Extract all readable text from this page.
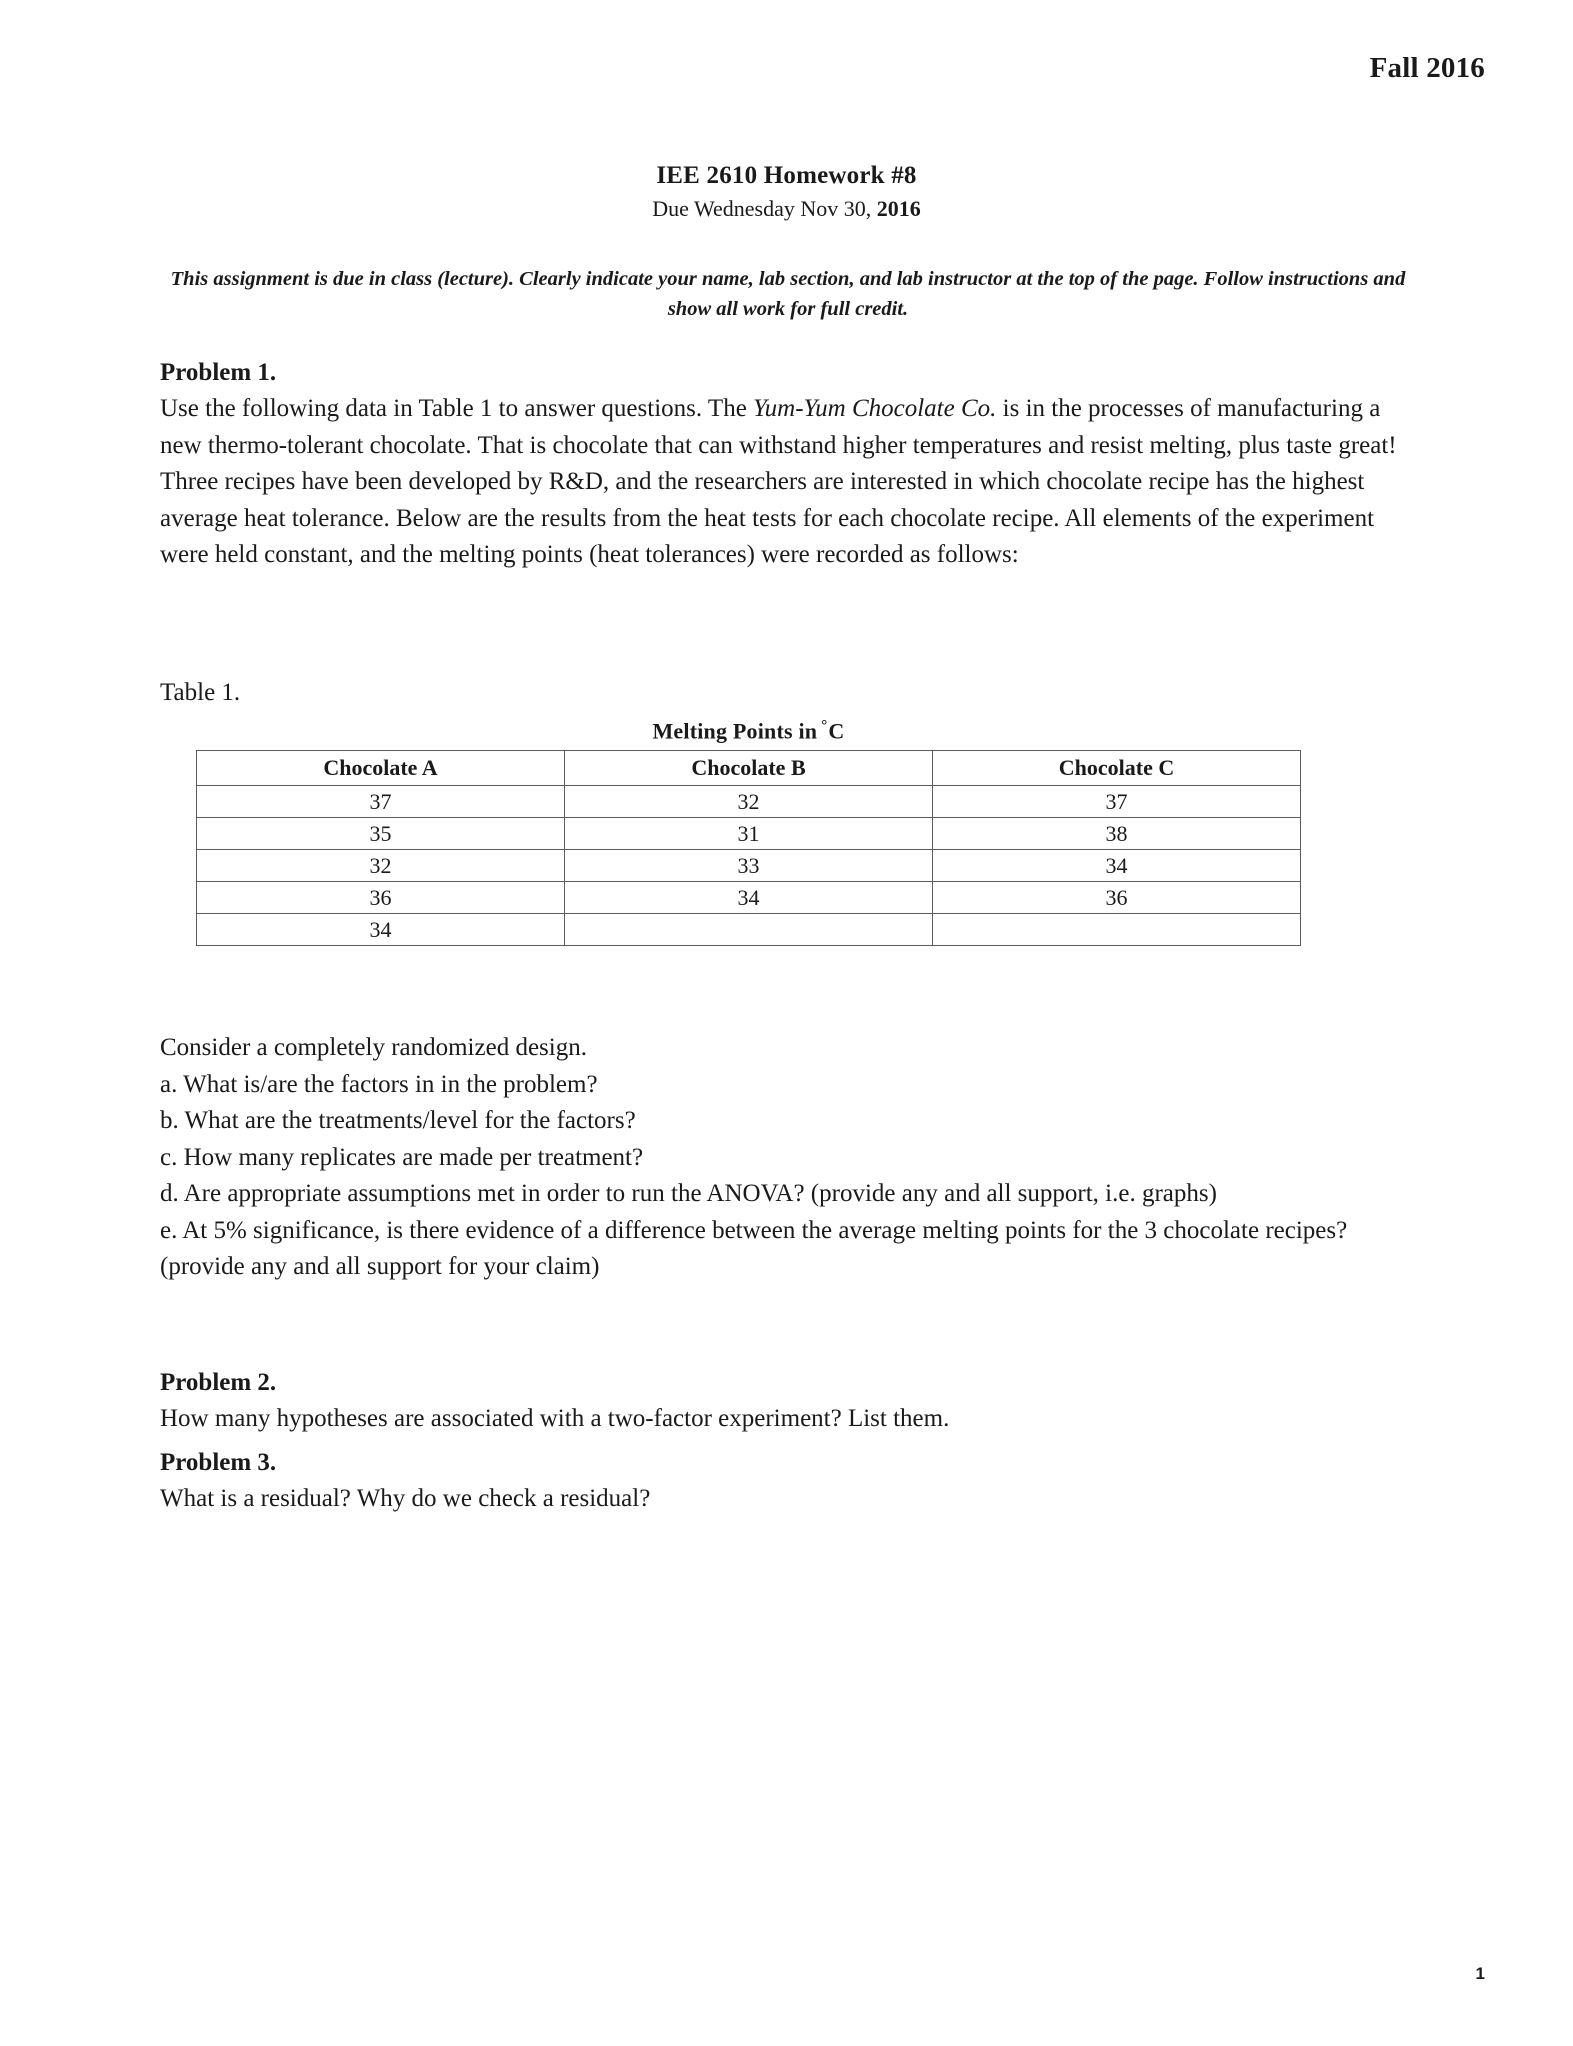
Fall 2016
IEE 2610 Homework #8
Due Wednesday Nov 30, 2016
This assignment is due in class (lecture). Clearly indicate your name, lab section, and lab instructor at the top of the page. Follow instructions and show all work for full credit.

Problem 1.

Use the following data in Table 1 to answer questions. The Yum-Yum Chocolate Co. is in the processes of manufacturing a new thermo-tolerant chocolate. That is chocolate that can withstand higher temperatures and resist melting, plus taste great! Three recipes have been developed by R&D, and the researchers are interested in which chocolate recipe has the highest average heat tolerance. Below are the results from the heat tests for each chocolate recipe. All elements of the experiment were held constant, and the melting points (heat tolerances) were recorded as follows:

Table 1.

Melting Points in °C
Chocolate A	Chocolate B	Chocolate C
37	32	37
35	31	38
32	33	34
36	34	36
34		

Consider a completely randomized design.

a. What is/are the factors in in the problem?

b. What are the treatments/level for the factors?

c. How many replicates are made per treatment?

d. Are appropriate assumptions met in order to run the ANOVA? (provide any and all support, i.e. graphs)

e. At 5% significance, is there evidence of a difference between the average melting points for the 3 chocolate recipes? (provide any and all support for your claim)

Problem 2.

How many hypotheses are associated with a two-factor experiment? List them.

Problem 3.

What is a residual? Why do we check a residual?

1
